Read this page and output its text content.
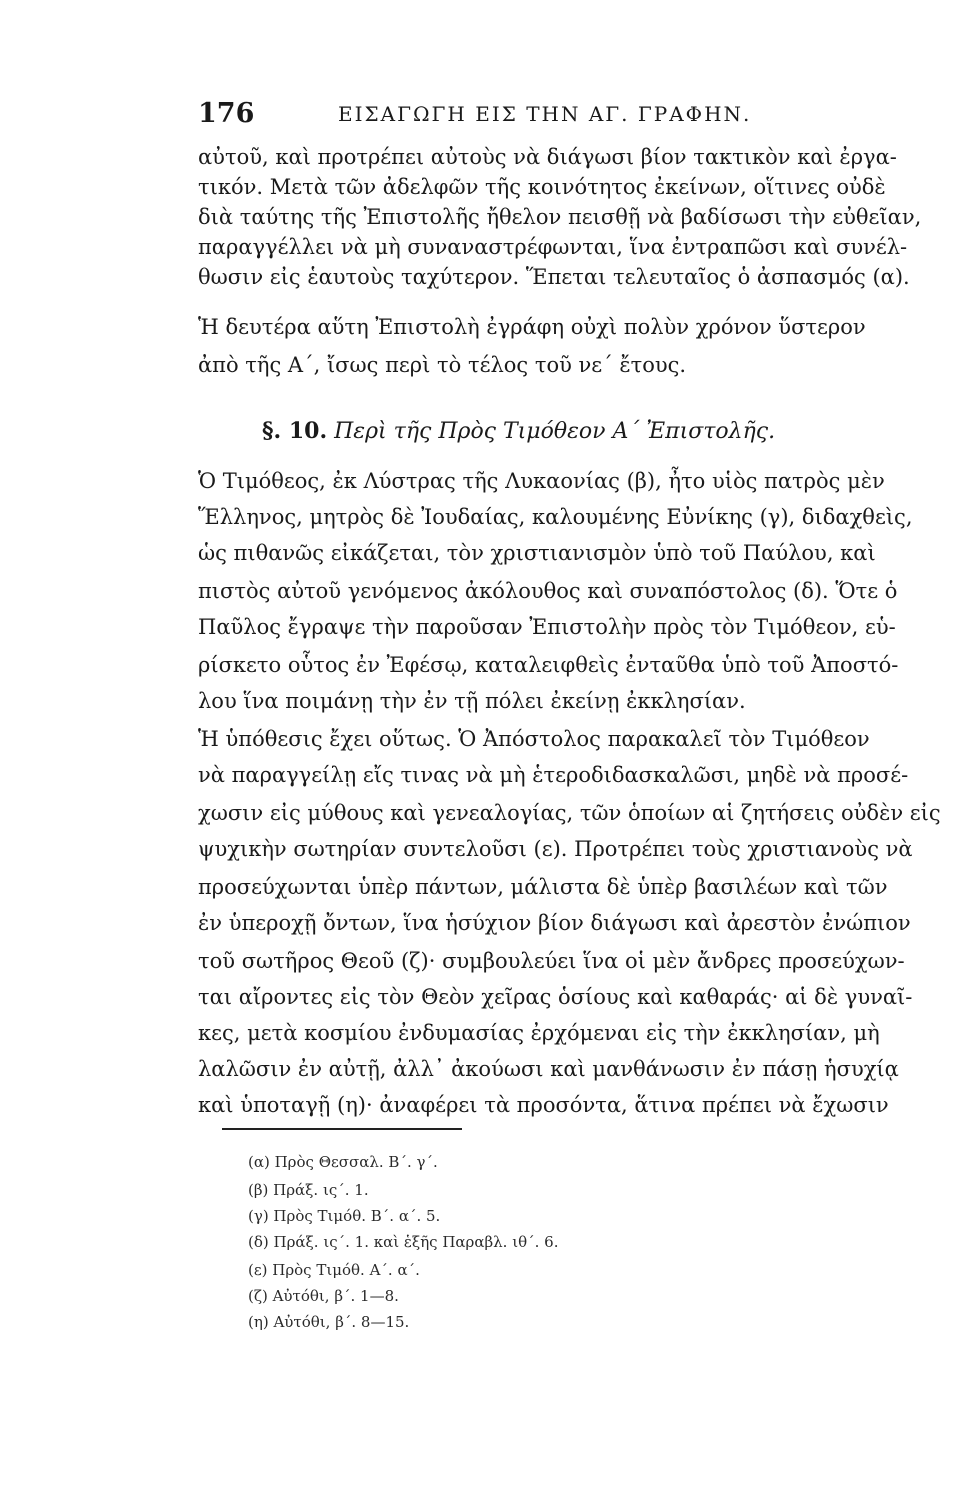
176	ΕΙΣΑΓΩΓΗ ΕΙΣ ΤΗΝ ΑΓ. ΓΡΑΦΗΝ.
αὐτοῦ, καὶ προτρέπει αὐτοὺς νὰ διάγωσι βίον τακτικὸν καὶ ἐργα-
τικόν. Μετὰ τῶν ἀδελφῶν τῆς κοινότητος ἐκείνων, οἵτινες οὐδὲ
διὰ ταύτης τῆς Ἐπιστολῆς ἤθελον πεισθῇ νὰ βαδίσωσι τὴν εὐθεῖαν,
παραγγέλλει νὰ μὴ συναναστρέφωνται, ἵνα ἐντραπῶσι καὶ συνέλ-
θωσιν εἰς ἑαυτοὺς ταχύτερον. Ἕπεται τελευταῖος ὁ ἀσπασμός (α).
Ἡ δευτέρα αὕτη Ἐπιστολὴ ἐγράφη οὐχὶ πολὺν χρόνον ὕστερον
ἀπὸ τῆς Α΄, ἴσως περὶ τὸ τέλος τοῦ νε΄ ἔτους.
§. 10. Περὶ τῆς Πρὸς Τιμόθεον Α΄ Ἐπιστολῆς.
Ὁ Τιμόθεος, ἐκ Λύστρας τῆς Λυκαονίας (β), ἦτο υἱὸς πατρὸς μὲν
Ἕλληνος, μητρὸς δὲ Ἰουδαίας, καλουμένης Εὐνίκης (γ), διδαχθεὶς,
ὡς πιθανῶς εἰκάζεται, τὸν χριστιανισμὸν ὑπὸ τοῦ Παύλου, καὶ
πιστὸς αὐτοῦ γενόμενος ἀκόλουθος καὶ συναπόστολος (δ). Ὅτε ὁ
Παῦλος ἔγραψε τὴν παροῦσαν Ἐπιστολὴν πρὸς τὸν Τιμόθεον, εὑ-
ρίσκετο οὗτος ἐν Ἐφέσῳ, καταλειφθεὶς ἐνταῦθα ὑπὸ τοῦ Ἀποστό-
λου ἵνα ποιμάνῃ τὴν ἐν τῇ πόλει ἐκείνῃ ἐκκλησίαν.
Ἡ ὑπόθεσις ἔχει οὕτως. Ὁ Ἀπόστολος παρακαλεῖ τὸν Τιμόθεον
νὰ παραγγείλῃ εἴς τινας νὰ μὴ ἑτεροδιδασκαλῶσι, μηδὲ νὰ προσέ-
χωσιν εἰς μύθους καὶ γενεαλογίας, τῶν ὁποίων αἱ ζητήσεις οὐδὲν εἰς
ψυχικὴν σωτηρίαν συντελοῦσι (ε). Προτρέπει τοὺς χριστιανοὺς νὰ
προσεύχωνται ὑπὲρ πάντων, μάλιστα δὲ ὑπὲρ βασιλέων καὶ τῶν
ἐν ὑπεροχῇ ὄντων, ἵνα ἡσύχιον βίον διάγωσι καὶ ἀρεστὸν ἐνώπιον
τοῦ σωτῆρος Θεοῦ (ζ)· συμβουλεύει ἵνα οἱ μὲν ἄνδρες προσεύχων-
ται αἴροντες εἰς τὸν Θεὸν χεῖρας ὁσίους καὶ καθαράς· αἱ δὲ γυναῖ-
κες, μετὰ κοσμίου ἐνδυμασίας ἐρχόμεναι εἰς τὴν ἐκκλησίαν, μὴ
λαλῶσιν ἐν αὐτῇ, ἀλλ᾽ ἀκούωσι καὶ μανθάνωσιν ἐν πάσῃ ἡσυχίᾳ
καὶ ὑποταγῇ (η)· ἀναφέρει τὰ προσόντα, ἅτινα πρέπει νὰ ἔχωσιν
(α) Πρὸς Θεσσαλ. Β΄. γ΄.
(β) Πράξ. ις΄. 1.
(γ) Πρὸς Τιμόθ. Β΄. α΄. 5.
(δ) Πράξ. ις΄. 1. καὶ ἑξῆς Παραβλ. ιθ΄. 6.
(ε) Πρὸς Τιμόθ. Α΄. α΄.
(ζ) Αὐτόθι, β΄. 1—8.
(η) Αὐτόθι, β΄. 8—15.
